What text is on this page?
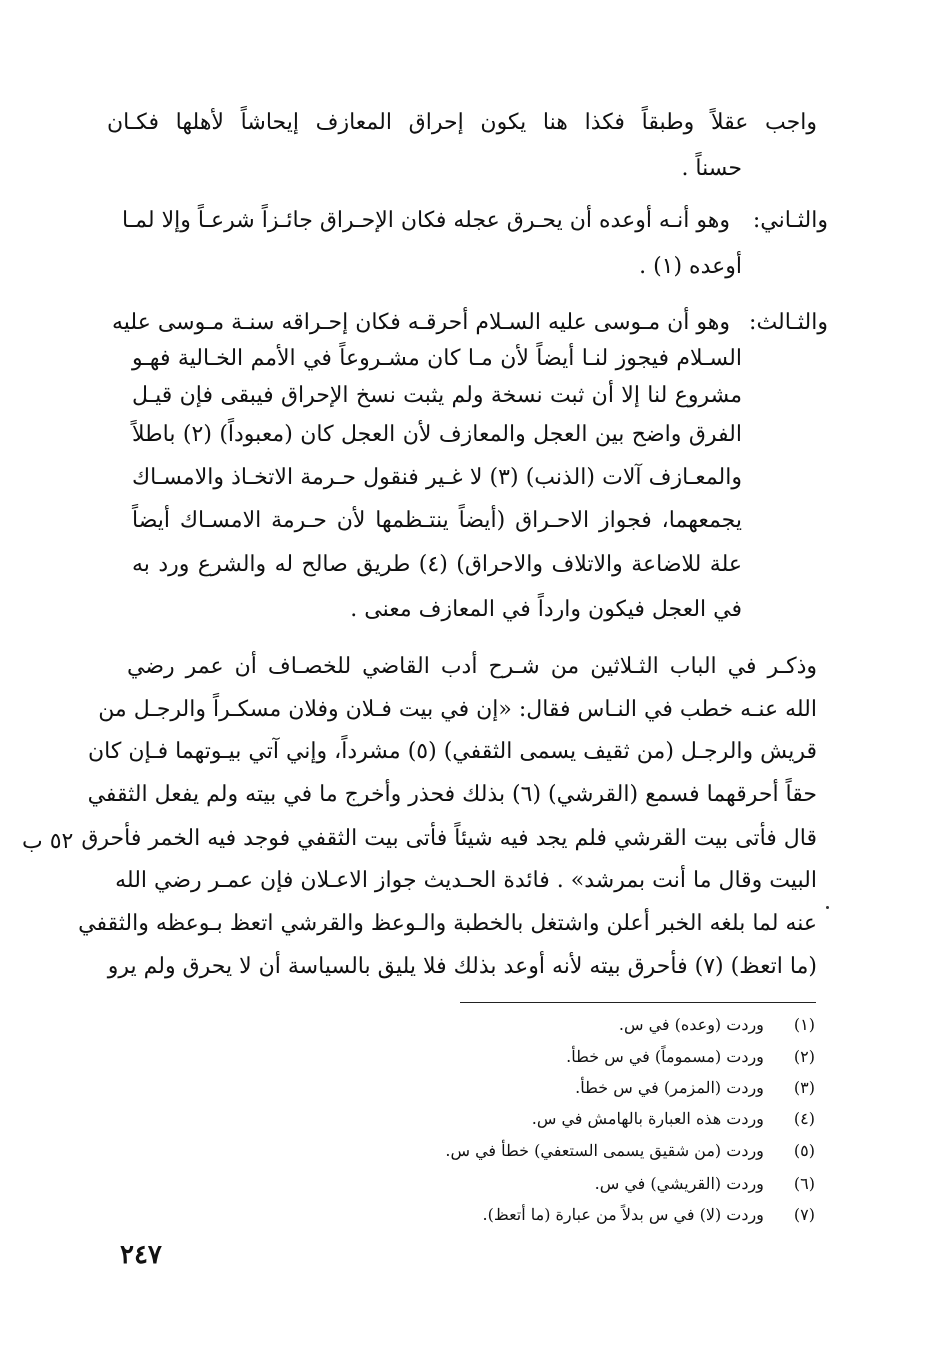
واجب عقلاً وطبقاً فكذا هنا يكون إحراق المعازف إيحاشاً لأهلها فكـان
حسناً .
والثـاني:
وهو أنـه أوعده أن يحـرق عجله فكان الإحـراق جائـزاً شرعـاً وإلا لمـا
أوعده (١) .
والثـالث:
وهو أن مـوسى عليه السـلام أحرقـه فكان إحـراقه سنـة مـوسى عليه
السـلام فيجوز لنـا أيضاً لأن مـا كان مشـروعاً في الأمم الخـالية فهـو
مشروع لنا إلا أن ثبت نسخة ولم يثبت نسخ الإحراق فيبقى فإن قيـل
الفرق واضح بين العجل والمعازف لأن العجل كان (معبوداً) (٢) باطلاً
والمعـازف آلات (الذنب) (٣) لا غـير فنقول حـرمة الاتخـاذ والامسـاك
يجمعهما، فجواز الاحـراق (أيضاً ينتـظمها لأن حـرمة الامسـاك أيضاً
علة للاضاعة والاتلاف والاحراق) (٤) طريق صالح له والشرع ورد به
في العجل فيكون وارداً في المعازف معنى .
وذكـر في الباب الثـلاثين من شـرح أدب القاضي للخصـاف أن عمر رضي
الله عنـه خطب في النـاس فقال: «إن في بيت فـلان وفلان مسكـراً والرجـل من
قريش والرجـل (من ثقيف يسمى الثقفي) (٥) مشرداً، وإني آتي بيـوتهما فـإن كان
حقاً أحرقهما فسمع (القرشي) (٦) بذلك فحذر وأخرج ما في بيته ولم يفعل الثقفي
قال فأتى بيت القرشي فلم يجد فيه شيئاً فأتى بيت الثقفي فوجد فيه الخمر فأحرق
البيت وقال ما أنت بمرشد» . فائدة الحـديث جواز الاعـلان فإن عمـر رضي الله
عنه لما بلغه الخبر أعلن واشتغل بالخطبة والـوعظ والقرشي اتعظ بـوعظه والثقفي
(ما اتعظ) (٧) فأحرق بيته لأنه أوعد بذلك فلا يليق بالسياسة أن لا يحرق ولم يرو
٥٢ ب
(١) وردت (وعده) في س.
(٢) وردت (مسموماً) في س خطأ.
(٣) وردت (المزمر) في س خطأ.
(٤) وردت هذه العبارة بالهامش في س.
(٥) وردت (من شقيق يسمى الستعفي) خطأ في س.
(٦) وردت (القريشي) في س.
(٧) وردت (لا) في س بدلاً من عبارة (ما أتعظ).
٢٤٧
